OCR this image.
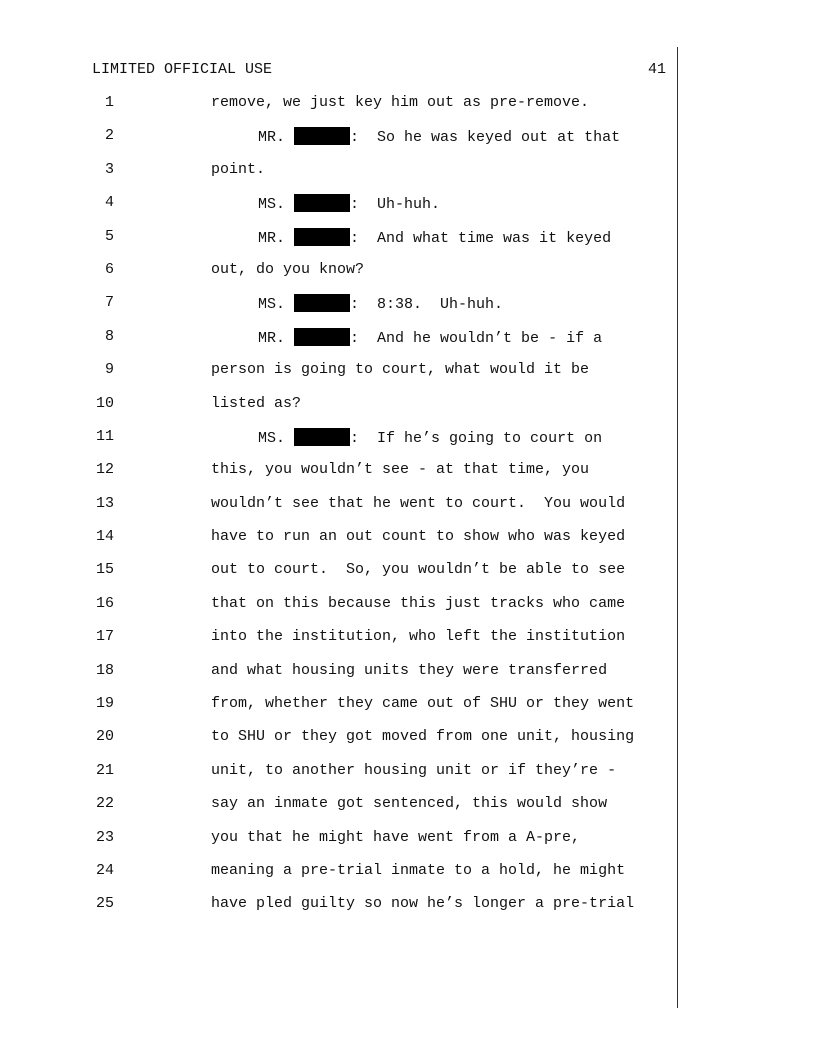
LIMITED OFFICIAL USE	41
1	remove, we just key him out as pre-remove.
2	MR.	:  So he was keyed out at that
3	point.
4	MS.	:  Uh-huh.
5	MR.	:  And what time was it keyed
6	out, do you know?
7	MS.	:  8:38.  Uh-huh.
8	MR.	:  And he wouldn’t be - if a
9	person is going to court, what would it be
10	listed as?
11	MS.	:  If he’s going to court on
12	this, you wouldn’t see - at that time, you
13	wouldn’t see that he went to court.  You would
14	have to run an out count to show who was keyed
15	out to court.  So, you wouldn’t be able to see
16	that on this because this just tracks who came
17	into the institution, who left the institution
18	and what housing units they were transferred
19	from, whether they came out of SHU or they went
20	to SHU or they got moved from one unit, housing
21	unit, to another housing unit or if they’re -
22	say an inmate got sentenced, this would show
23	you that he might have went from a A-pre,
24	meaning a pre-trial inmate to a hold, he might
25	have pled guilty so now he’s longer a pre-trial
